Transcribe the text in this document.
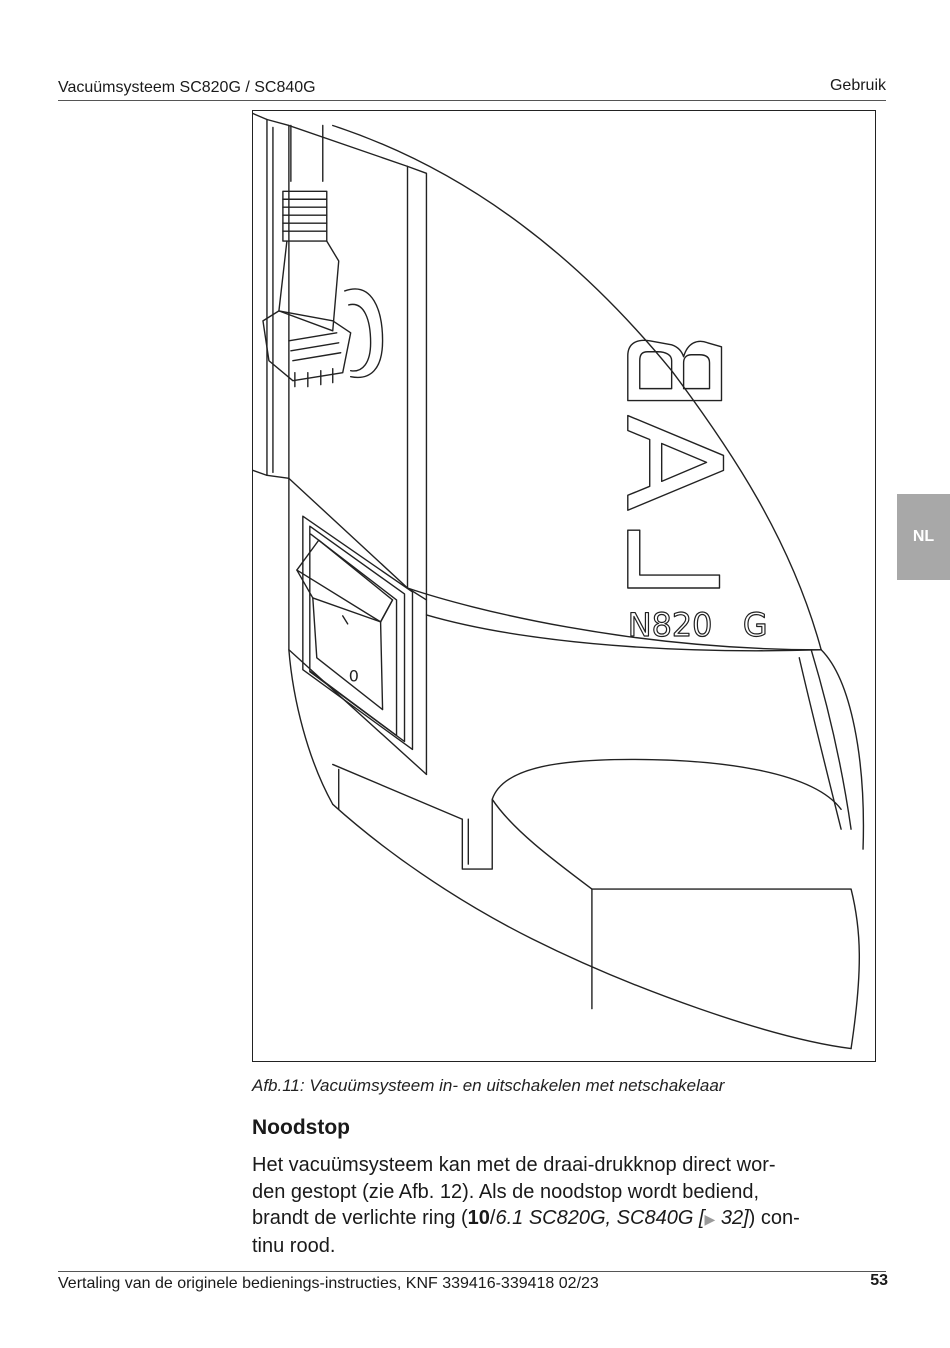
Vacuümsysteem SC820G / SC840G	Gebruik
N820   G
0
NL
Afb.11: Vacuümsysteem in- en uitschakelen met netschakelaar
Noodstop
Het vacuümsysteem kan met de draai-drukknop direct wor-
den gestopt (zie Afb. 12). Als de noodstop wordt bediend,
brandt de verlichte ring (10/6.1 SC820G, SC840G [▶ 32]) con-
tinu rood.
Vertaling van de originele bedienings-instructies, KNF 339416-339418 02/23	53
